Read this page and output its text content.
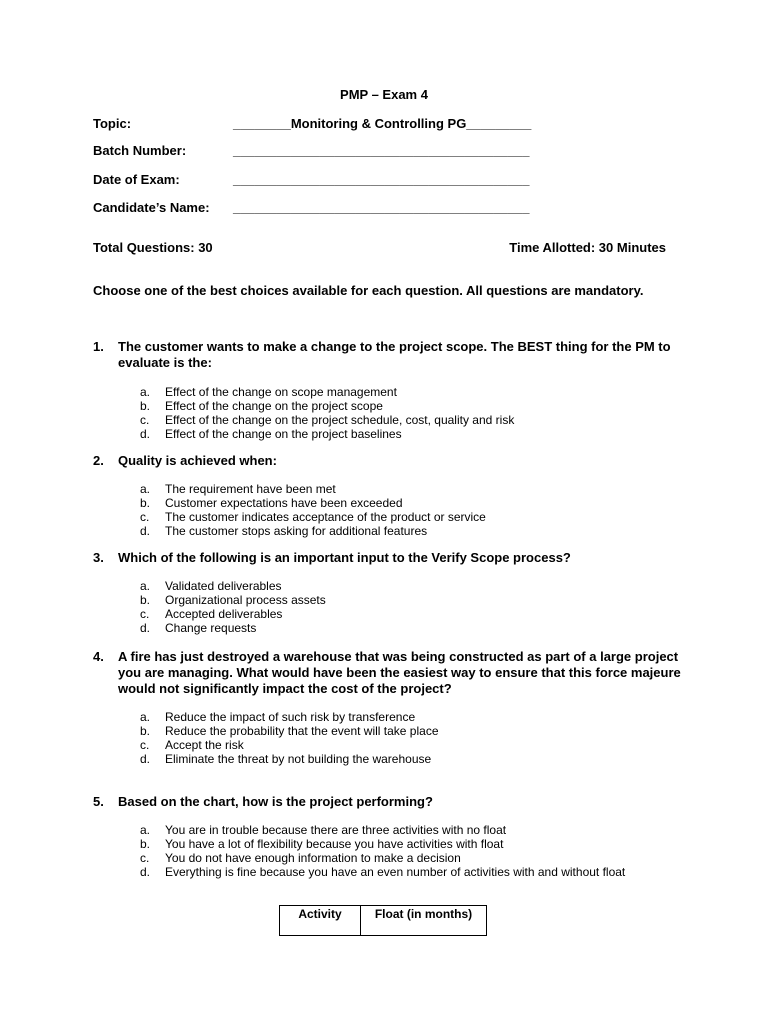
PMP – Exam 4
Topic:	________Monitoring & Controlling PG_________
Batch Number:	_________________________________________
Date of Exam:	_________________________________________
Candidate’s Name: _________________________________________
Total Questions: 30	Time Allotted: 30 Minutes
Choose one of the best choices available for each question. All questions are mandatory.
1.	The customer wants to make a change to the project scope. The BEST thing for the PM to evaluate is the:
a.	Effect of the change on scope management
b.	Effect of the change on the project scope
c.	Effect of the change on the project schedule, cost, quality and risk
d.	Effect of the change on the project baselines
2.	Quality is achieved when:
a.	The requirement have been met
b.	Customer expectations have been exceeded
c.	The customer indicates acceptance of the product or service
d.	The customer stops asking for additional features
3.	Which of the following is an important input to the Verify Scope process?
a.	Validated deliverables
b.	Organizational process assets
c.	Accepted deliverables
d.	Change requests
4.	A fire has just destroyed a warehouse that was being constructed as part of a large project you are managing. What would have been the easiest way to ensure that this force majeure would not significantly impact the cost of the project?
a.	Reduce the impact of such risk by transference
b.	Reduce the probability that the event will take place
c.	Accept the risk
d.	Eliminate the threat by not building the warehouse
5.	Based on the chart, how is the project performing?
a.	You are in trouble because there are three activities with no float
b.	You have a lot of flexibility because you have activities with float
c.	You do not have enough information to make a decision
d.	Everything is fine because you have an even number of activities with and without float
Activity	Float (in months)
